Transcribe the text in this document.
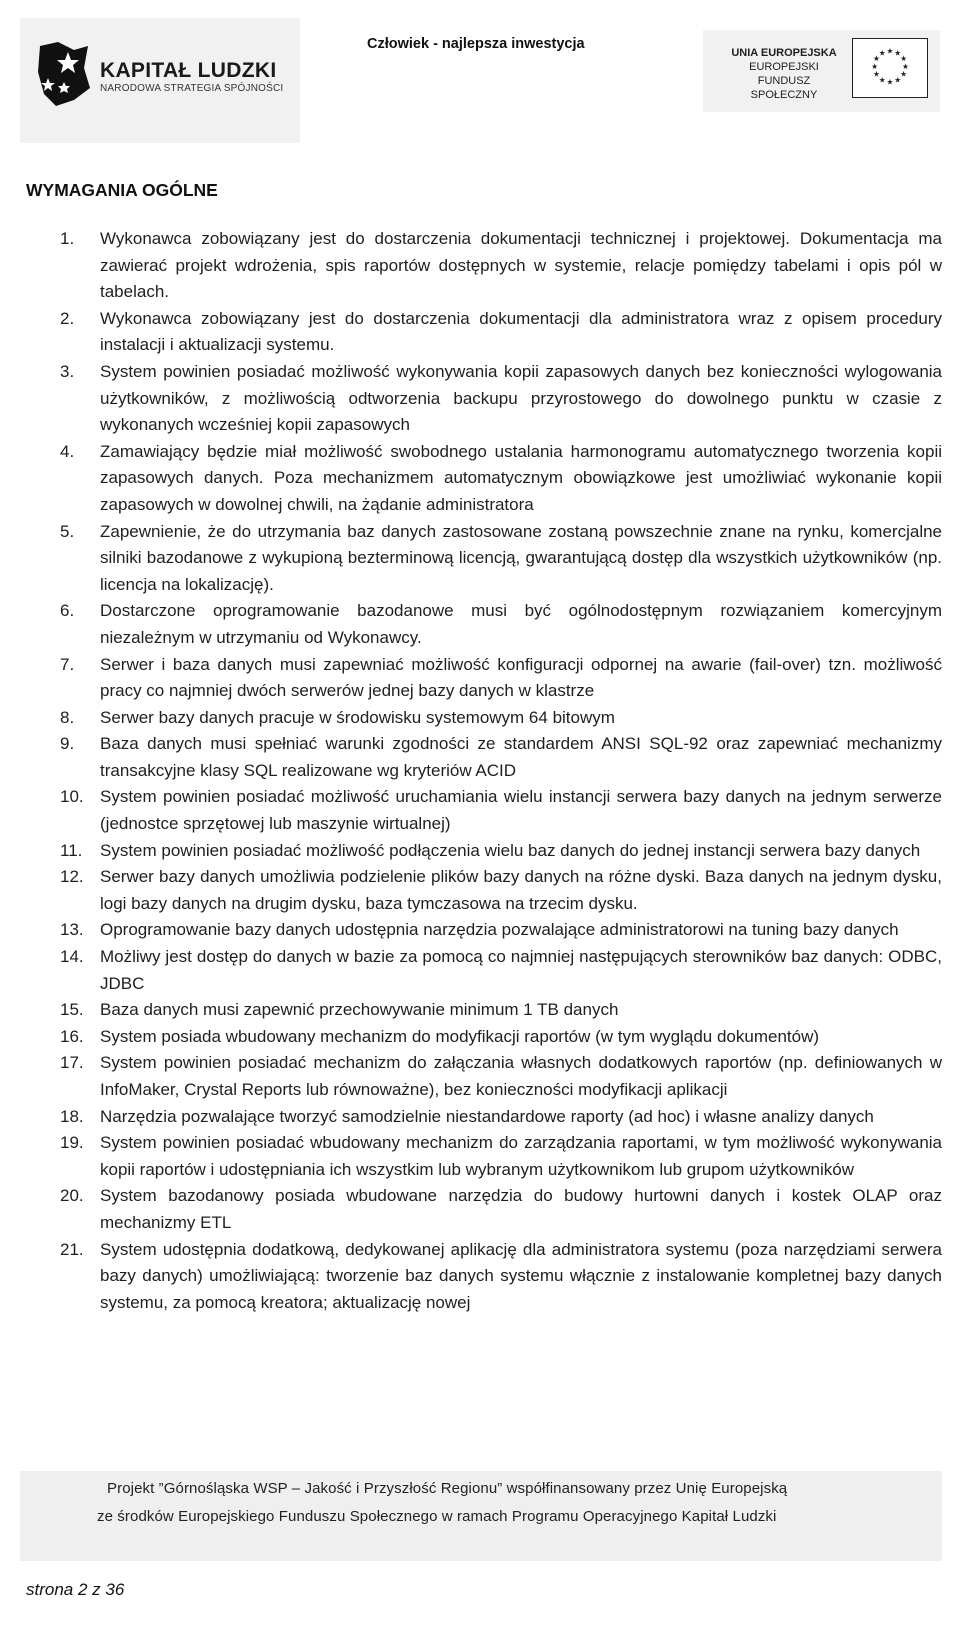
KAPITAŁ LUDZKI
NARODOWA STRATEGIA SPÓJNOŚCI
Człowiek - najlepsza inwestycja
UNIA EUROPEJSKA
EUROPEJSKI
FUNDUSZ SPOŁECZNY
★ ★
★
★
★
★
★
★
★
★
★
★
WYMAGANIA OGÓLNE
1. Wykonawca zobowiązany jest do dostarczenia dokumentacji technicznej i projektowej. Dokumentacja ma zawierać projekt wdrożenia, spis raportów dostępnych w systemie, relacje pomiędzy tabelami i opis pól w tabelach.
2. Wykonawca zobowiązany jest do dostarczenia dokumentacji dla administratora wraz z opisem procedury instalacji i aktualizacji systemu.
3. System powinien posiadać możliwość wykonywania kopii zapasowych danych bez konieczności wylogowania użytkowników, z możliwością odtworzenia backupu przyrostowego do dowolnego punktu w czasie z wykonanych wcześniej kopii zapasowych
4. Zamawiający będzie miał możliwość swobodnego ustalania harmonogramu automatycznego tworzenia kopii zapasowych danych. Poza mechanizmem automatycznym obowiązkowe jest umożliwiać wykonanie kopii zapasowych w dowolnej chwili, na żądanie administratora
5. Zapewnienie, że do utrzymania baz danych zastosowane zostaną powszechnie znane na rynku, komercjalne silniki bazodanowe z wykupioną bezterminową licencją, gwarantującą dostęp dla wszystkich użytkowników (np. licencja na lokalizację).
6. Dostarczone oprogramowanie bazodanowe musi być ogólnodostępnym rozwiązaniem komercyjnym niezależnym w utrzymaniu od Wykonawcy.
7. Serwer i baza danych musi zapewniać możliwość konfiguracji odpornej na awarie (fail-over) tzn. możliwość pracy co najmniej dwóch serwerów jednej bazy danych w klastrze
8. Serwer bazy danych pracuje w środowisku systemowym 64 bitowym
9. Baza danych musi spełniać warunki zgodności ze standardem ANSI SQL-92 oraz zapewniać mechanizmy transakcyjne klasy SQL realizowane wg kryteriów ACID
10. System powinien posiadać możliwość uruchamiania wielu instancji serwera bazy danych na jednym serwerze (jednostce sprzętowej lub maszynie wirtualnej)
11. System powinien posiadać możliwość podłączenia wielu baz danych do jednej instancji serwera bazy danych
12. Serwer bazy danych umożliwia podzielenie plików bazy danych na różne dyski. Baza danych na jednym dysku, logi bazy danych na drugim dysku, baza tymczasowa na trzecim dysku.
13. Oprogramowanie bazy danych udostępnia narzędzia pozwalające administratorowi na tuning bazy danych
14. Możliwy jest dostęp do danych w bazie za pomocą co najmniej następujących sterowników baz danych: ODBC, JDBC
15. Baza danych musi zapewnić przechowywanie minimum 1 TB danych
16. System posiada wbudowany mechanizm do modyfikacji raportów (w tym wyglądu dokumentów)
17. System powinien posiadać mechanizm do załączania własnych dodatkowych raportów (np. definiowanych w InfoMaker, Crystal Reports lub równoważne), bez konieczności modyfikacji aplikacji
18. Narzędzia pozwalające tworzyć samodzielnie niestandardowe raporty (ad hoc) i własne analizy danych
19. System powinien posiadać wbudowany mechanizm do zarządzania raportami, w tym możliwość wykonywania kopii raportów i udostępniania ich wszystkim lub wybranym użytkownikom lub grupom użytkowników
20. System bazodanowy posiada wbudowane narzędzia do budowy hurtowni danych i kostek OLAP oraz mechanizmy ETL
21. System udostępnia dodatkową, dedykowanej aplikację dla administratora systemu (poza narzędziami serwera bazy danych) umożliwiającą: tworzenie baz danych systemu włącznie z instalowanie kompletnej bazy danych systemu, za pomocą kreatora; aktualizację nowej
Projekt ”Górnośląska WSP – Jakość i Przyszłość Regionu” współfinansowany przez Unię Europejską
ze środków Europejskiego Funduszu Społecznego w ramach Programu Operacyjnego Kapitał Ludzki
strona 2 z 36
